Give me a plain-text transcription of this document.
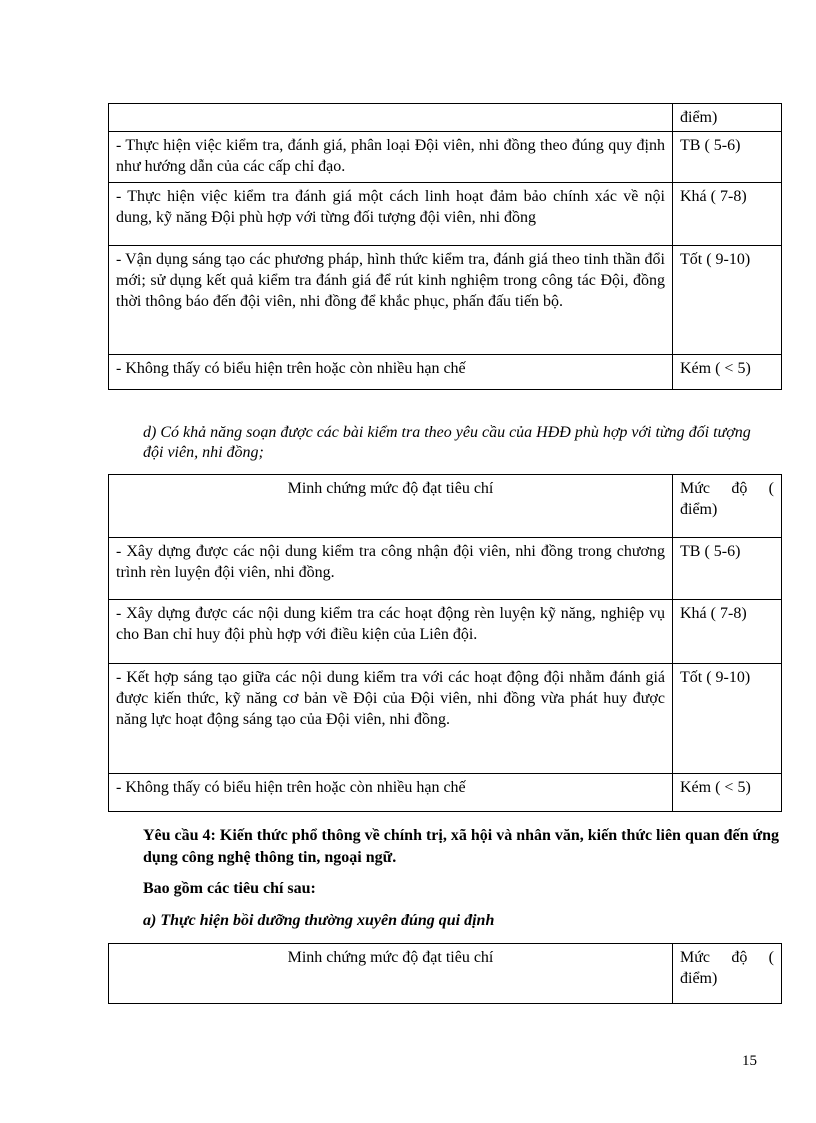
	điểm)
- Thực hiện việc kiểm tra, đánh giá, phân loại Đội viên, nhi đồng theo đúng quy định như hướng dẫn của các cấp chỉ đạo.	TB ( 5-6)
- Thực hiện việc kiểm tra đánh giá một cách linh hoạt đảm bảo chính xác về nội dung, kỹ năng Đội phù hợp với từng đối tượng đội viên, nhi đồng	Khá ( 7-8)
- Vận dụng sáng tạo các phương pháp, hình thức kiểm tra, đánh giá theo tinh thần đổi mới; sử dụng kết quả kiểm tra đánh giá để rút kinh nghiệm trong công tác Đội, đồng thời thông báo đến đội viên, nhi đồng để khắc phục, phấn đấu tiến bộ.	Tốt ( 9-10)
- Không thấy có biểu hiện trên hoặc còn nhiều hạn chế	Kém ( < 5)
d) Có khả năng soạn được các bài kiểm tra theo yêu cầu của HĐĐ phù hợp với từng đối tượng đội viên, nhi đồng;
Minh chứng mức độ đạt tiêu chí	Mức độ (
điểm)

- Xây dựng được các nội dung kiểm tra công nhận đội viên, nhi đồng trong chương trình rèn luyện đội viên, nhi đồng.	TB ( 5-6)
- Xây dựng được các nội dung kiểm tra các hoạt động rèn luyện kỹ năng, nghiệp vụ cho Ban chỉ huy đội phù hợp với điều kiện của Liên đội.	Khá ( 7-8)
- Kết hợp sáng tạo giữa các nội dung kiểm tra với các hoạt động đội nhằm đánh giá được kiến thức, kỹ năng cơ bản về Đội của Đội viên, nhi đồng vừa phát huy được năng lực hoạt động sáng tạo của Đội viên, nhi đồng.	Tốt ( 9-10)
- Không thấy có biểu hiện trên hoặc còn nhiều hạn chế	Kém ( < 5)
Yêu cầu 4: Kiến thức phổ thông về chính trị, xã hội và nhân văn, kiến thức liên quan đến ứng dụng công nghệ thông tin, ngoại ngữ.
Bao gồm các tiêu chí sau:
a) Thực hiện bồi dưỡng thường xuyên đúng qui định
Minh chứng mức độ đạt tiêu chí	Mức độ (
điểm)
15
